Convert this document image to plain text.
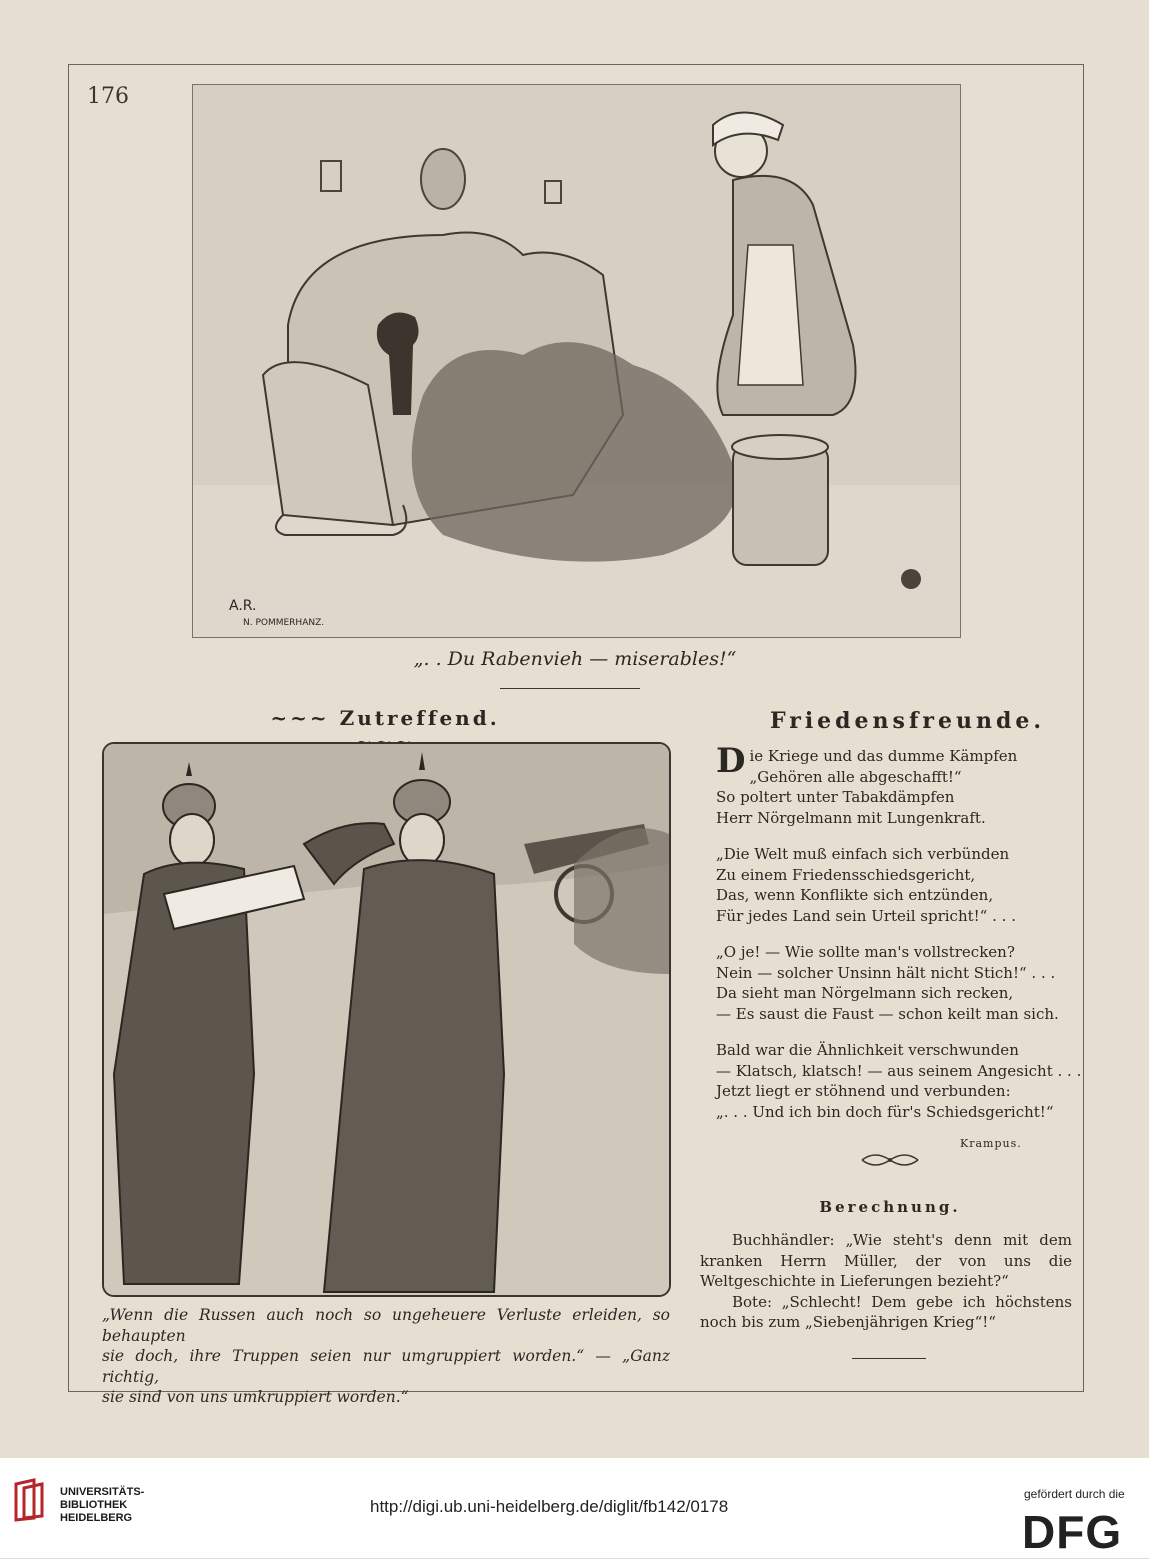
176
A.R.
N. POMMERHANZ.
„. . Du Rabenvieh — miserables!“
~~~ Zutreffend.
„Wenn die Russen auch noch so ungeheuere Verluste erleiden, so behaupten
sie doch, ihre Truppen seien nur umgruppiert worden.“ — „Ganz richtig,
sie sind von uns umkruppiert worden.“
Friedensfreunde.
Die Kriege und das dumme Kämpfen
„Gehören alle abgeschafft!“
So poltert unter Tabakdämpfen
Herr Nörgelmann mit Lungenkraft.
„Die Welt muß einfach sich verbünden
Zu einem Friedensschiedsgericht,
Das, wenn Konflikte sich entzünden,
Für jedes Land sein Urteil spricht!“ . . .
„O je! — Wie sollte man's vollstrecken?
Nein — solcher Unsinn hält nicht Stich!“ . . .
Da sieht man Nörgelmann sich recken,
— Es saust die Faust — schon keilt man sich.
Bald war die Ähnlichkeit verschwunden
— Klatsch, klatsch! — aus seinem Angesicht . . .
Jetzt liegt er stöhnend und verbunden:
„. . . Und ich bin doch für's Schiedsgericht!“
Krampus.
Berechnung.

Buchhändler: „Wie steht's denn mit dem kranken Herrn Müller, der von uns die Weltgeschichte in Lieferungen bezieht?“

Bote: „Schlecht! Dem gebe ich höchstens noch bis zum „Siebenjährigen Krieg“!“

UNIVERSITÄTS-
BIBLIOTHEK
HEIDELBERG
http://digi.ub.uni-heidelberg.de/diglit/fb142/0178
gefördert durch die
DFG
